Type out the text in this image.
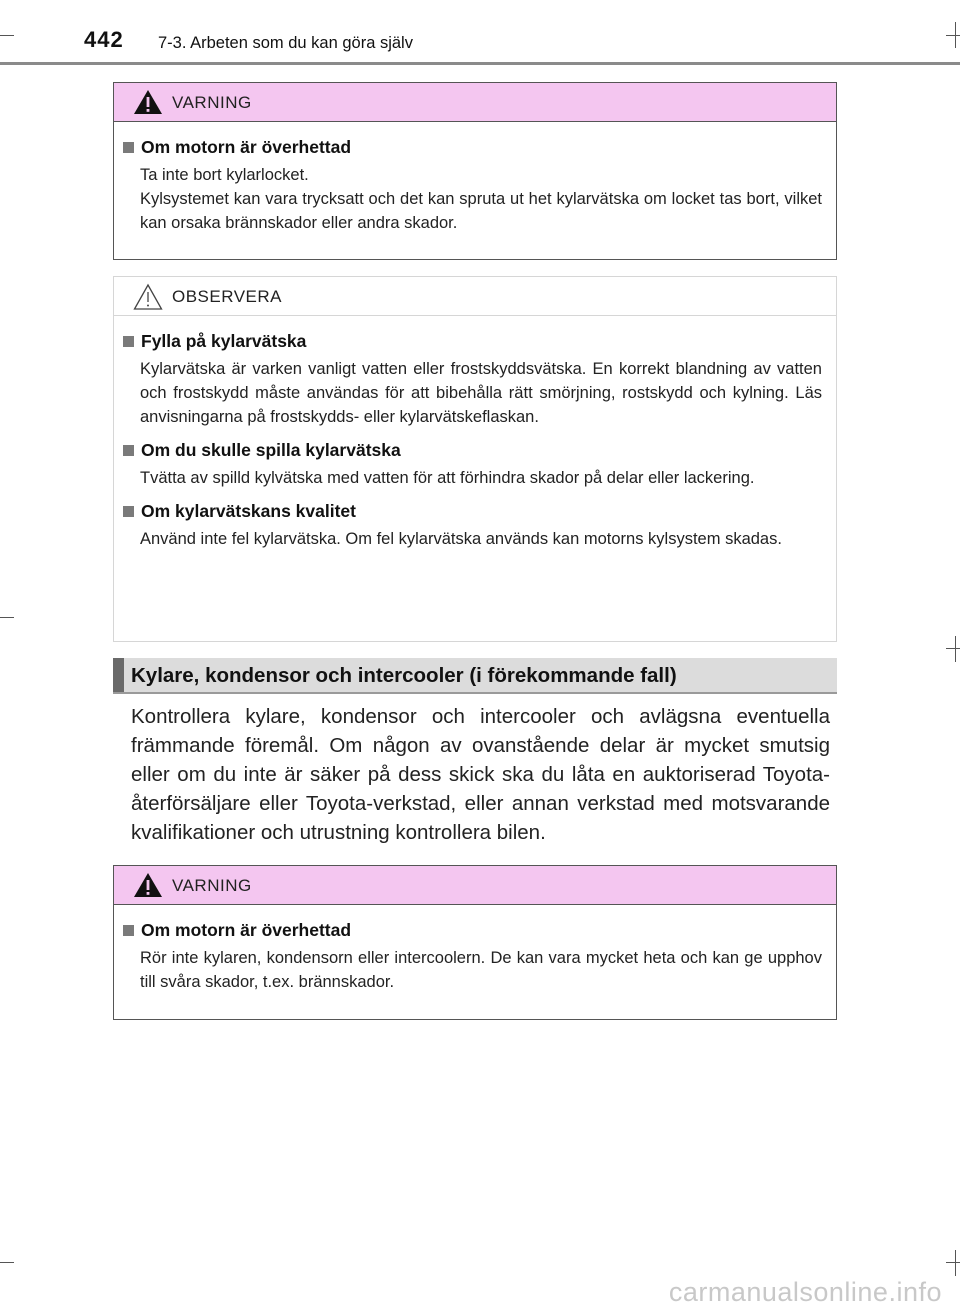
442 7-3. Arbeten som du kan göra själv
VARNING
Om motorn är överhettad

Ta inte bort kylarlocket.

Kylsystemet kan vara trycksatt och det kan spruta ut het kylarvätska om locket tas bort, vilket kan orsaka brännskador eller andra skador.

OBSERVERA
Fylla på kylarvätska
Kylarvätska är varken vanligt vatten eller frostskyddsvätska. En korrekt blandning av vatten och frostskydd måste användas för att bibehålla rätt smörjning, rostskydd och kylning. Läs anvisningarna på frostskydds- eller kylarvätskeflaskan.
Om du skulle spilla kylarvätska
Tvätta av spilld kylvätska med vatten för att förhindra skador på delar eller lackering.
Om kylarvätskans kvalitet
Använd inte fel kylarvätska. Om fel kylarvätska används kan motorns kylsystem skadas.
Kylare, kondensor och intercooler (i förekommande fall)
Kontrollera kylare, kondensor och intercooler och avlägsna eventuella främmande föremål. Om någon av ovanstående delar är mycket smutsig eller om du inte är säker på dess skick ska du låta en auktoriserad Toyota-återförsäljare eller Toyota-verkstad, eller annan verkstad med motsvarande kvalifikationer och utrustning kontrollera bilen.
VARNING
Om motorn är överhettad
Rör inte kylaren, kondensorn eller intercoolern. De kan vara mycket heta och kan ge upphov till svåra skador, t.ex. brännskador.
carmanualsonline.info
